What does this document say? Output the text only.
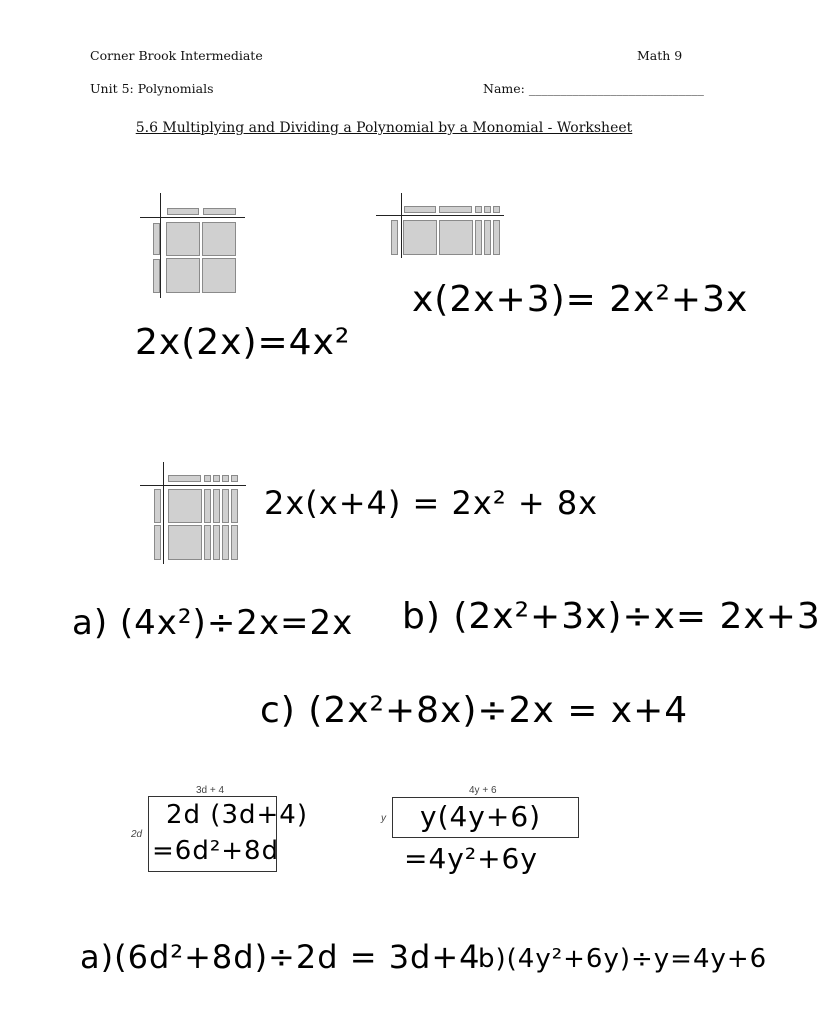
Corner Brook Intermediate	Math 9
Unit 5: Polynomials	Name: ____________________________
5.6 Multiplying and Dividing a Polynomial by a Monomial - Worksheet
2x(2x)=4x²
x(2x+3)= 2x²+3x
2x(x+4) = 2x² + 8x
a) (4x²)÷2x=2x b) (2x²+3x)÷x= 2x+3
c) (2x²+8x)÷2x = x+4
3d + 4
2d
2d (3d+4)
=6d²+8d
4y + 6
y y(4y+6)
=4y²+6y
a)(6d²+8d)÷2d = 3d+4
b)(4y²+6y)÷y=4y+6
